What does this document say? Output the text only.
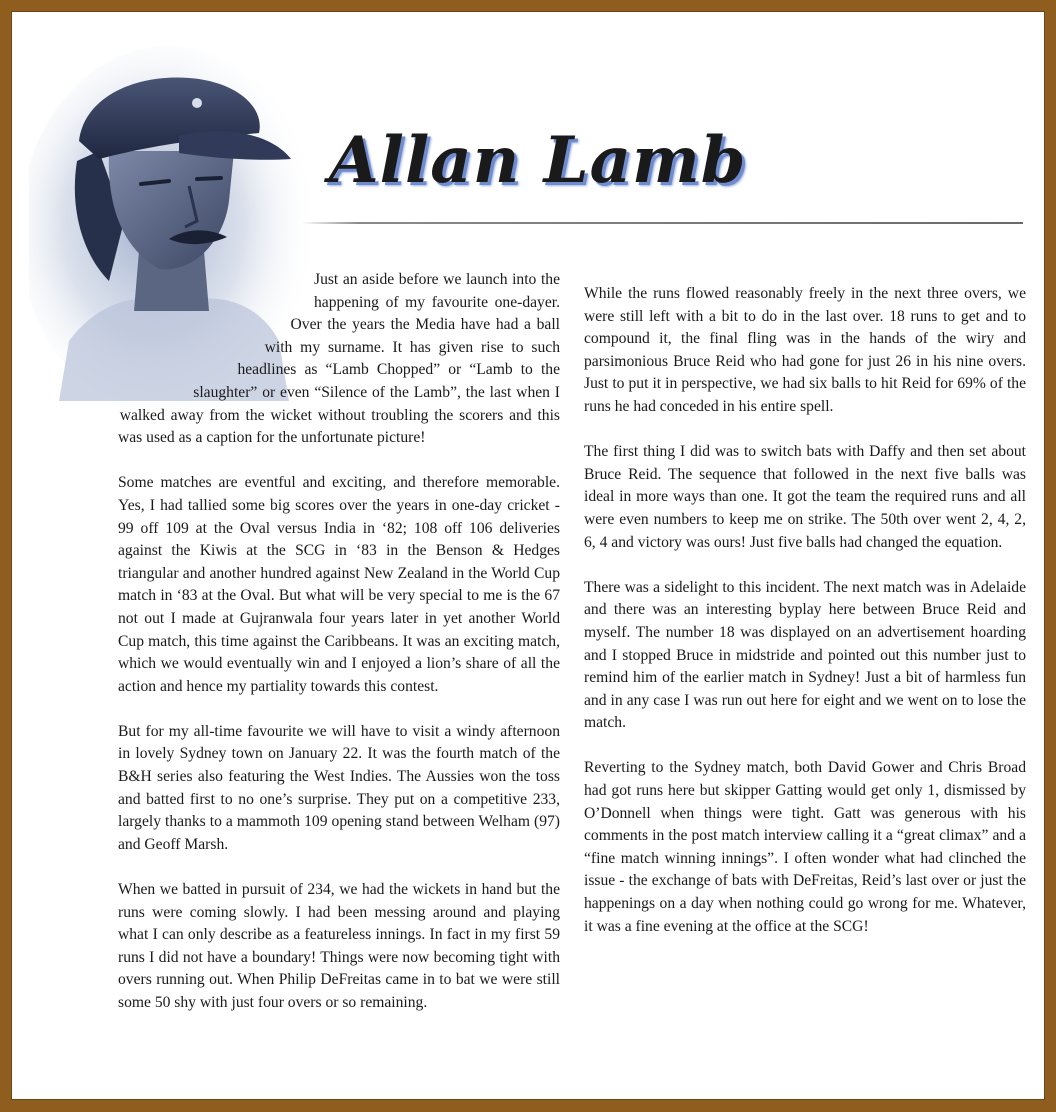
Allan Lamb

Just an aside before we launch into the happening of my favourite one-dayer. Over the years the Media have had a ball with my surname. It has given rise to such headlines as “Lamb Chopped” or “Lamb to the slaughter” or even “Silence of the Lamb”, the last when I walked away from the wicket without troubling the scorers and this was used as a caption for the unfortunate picture!

Some matches are eventful and exciting, and therefore memorable. Yes, I had tallied some big scores over the years in one-day cricket - 99 off 109 at the Oval versus India in ‘82; 108 off 106 deliveries against the Kiwis at the SCG in ‘83 in the Benson & Hedges triangular and another hundred against New Zealand in the World Cup match in ‘83 at the Oval. But what will be very special to me is the 67 not out I made at Gujranwala four years later in yet another World Cup match, this time against the Caribbeans. It was an exciting match, which we would eventually win and I enjoyed a lion’s share of all the action and hence my partiality towards this contest.

But for my all-time favourite we will have to visit a windy afternoon in lovely Sydney town on January 22. It was the fourth match of the B&H series also featuring the West Indies. The Aussies won the toss and batted first to no one’s surprise. They put on a competitive 233, largely thanks to a mammoth 109 opening stand between Welham (97) and Geoff Marsh.

When we batted in pursuit of 234, we had the wickets in hand but the runs were coming slowly. I had been messing around and playing what I can only describe as a featureless innings. In fact in my first 59 runs I did not have a boundary! Things were now becoming tight with overs running out. When Philip DeFreitas came in to bat we were still some 50 shy with just four overs or so remaining.

While the runs flowed reasonably freely in the next three overs, we were still left with a bit to do in the last over. 18 runs to get and to compound it, the final fling was in the hands of the wiry and parsimonious Bruce Reid who had gone for just 26 in his nine overs. Just to put it in perspective, we had six balls to hit Reid for 69% of the runs he had conceded in his entire spell.

The first thing I did was to switch bats with Daffy and then set about Bruce Reid. The sequence that followed in the next five balls was ideal in more ways than one. It got the team the required runs and all were even numbers to keep me on strike. The 50th over went 2, 4, 2, 6, 4 and victory was ours! Just five balls had changed the equation.

There was a sidelight to this incident. The next match was in Adelaide and there was an interesting byplay here between Bruce Reid and myself. The number 18 was displayed on an advertisement hoarding and I stopped Bruce in midstride and pointed out this number just to remind him of the earlier match in Sydney! Just a bit of harmless fun and in any case I was run out here for eight and we went on to lose the match.

Reverting to the Sydney match, both David Gower and Chris Broad had got runs here but skipper Gatting would get only 1, dismissed by O’Donnell when things were tight. Gatt was generous with his comments in the post match interview calling it a “great climax” and a “fine match winning innings”. I often wonder what had clinched the issue - the exchange of bats with DeFreitas, Reid’s last over or just the happenings on a day when nothing could go wrong for me. Whatever, it was a fine evening at the office at the SCG!
